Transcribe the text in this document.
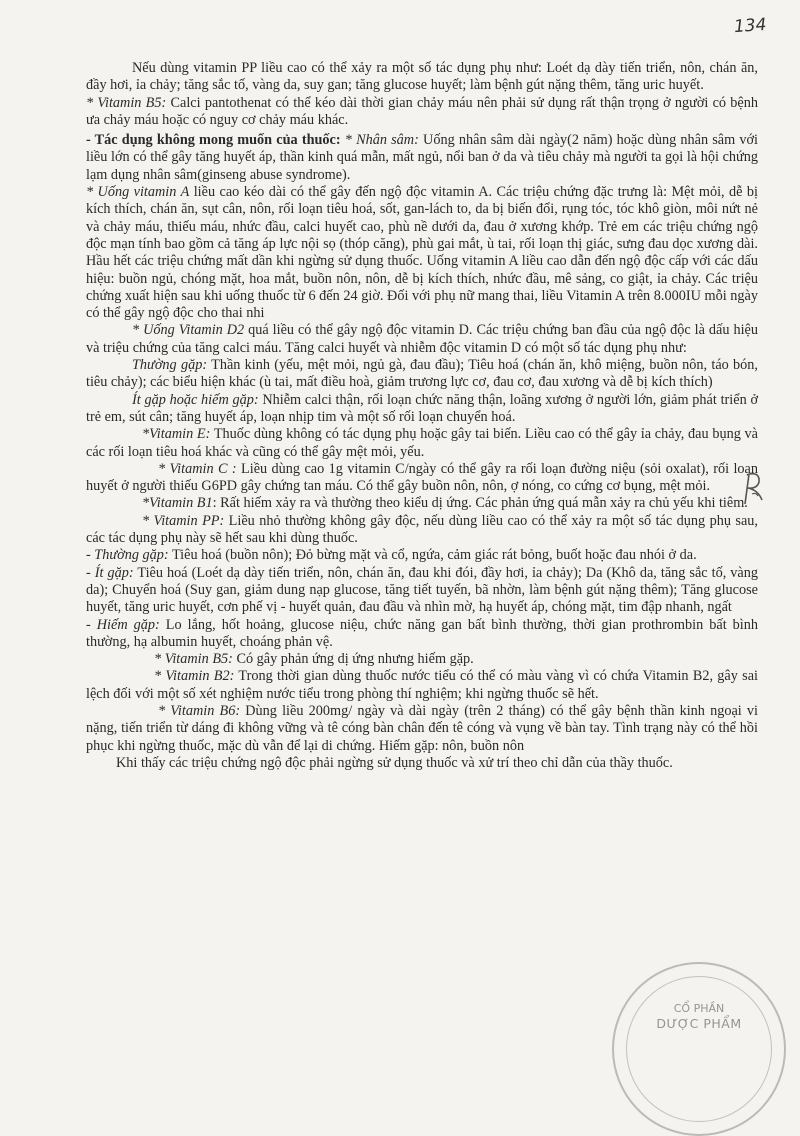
134

Nếu dùng vitamin PP liều cao có thể xảy ra một số tác dụng phụ như: Loét dạ dày tiến triển, nôn, chán ăn, đầy hơi, ỉa chảy; tăng sắc tố, vàng da, suy gan; tăng glucose huyết; làm bệnh gút nặng thêm, tăng uric huyết.

* Vitamin B5: Calci pantothenat có thể kéo dài thời gian chảy máu nên phải sử dụng rất thận trọng ở người có bệnh ưa chảy máu hoặc có nguy cơ chảy máu khác.

- Tác dụng không mong muốn của thuốc: * Nhân sâm: Uống nhân sâm dài ngày(2 năm) hoặc dùng nhân sâm với liều lớn có thể gây tăng huyết áp, thần kinh quá mẫn, mất ngủ, nổi ban ở da và tiêu chảy mà người ta gọi là hội chứng lạm dụng nhân sâm(ginseng abuse syndrome).

* Uống vitamin A liều cao kéo dài có thể gây đến ngộ độc vitamin A. Các triệu chứng đặc trưng là: Mệt mỏi, dễ bị kích thích, chán ăn, sụt cân, nôn, rối loạn tiêu hoá, sốt, gan-lách to, da bị biến đổi, rụng tóc, tóc khô giòn, môi nứt nẻ và chảy máu, thiếu máu, nhức đầu, calci huyết cao, phù nề dưới da, đau ở xương khớp. Trẻ em các triệu chứng ngộ độc mạn tính bao gồm cả tăng áp lực nội sọ (thóp căng), phù gai mắt, ù tai, rối loạn thị giác, sưng đau dọc xương dài. Hầu hết các triệu chứng mất dần khi ngừng sử dụng thuốc. Uống vitamin A liều cao dẫn đến ngộ độc cấp với các dấu hiệu: buồn ngủ, chóng mặt, hoa mắt, buồn nôn, nôn, dễ bị kích thích, nhức đầu, mê sảng, co giật, ỉa chảy. Các triệu chứng xuất hiện sau khi uống thuốc từ 6 đến 24 giờ. Đối với phụ nữ mang thai, liều Vitamin A trên 8.000IU mỗi ngày có thể gây ngộ độc cho thai nhi

* Uống Vitamin D2 quá liều có thể gây ngộ độc vitamin D. Các triệu chứng ban đầu của ngộ độc là dấu hiệu và triệu chứng của tăng calci máu. Tăng calci huyết và nhiễm độc vitamin D có một số tác dụng phụ như:

Thường gặp: Thần kinh (yếu, mệt mỏi, ngủ gà, đau đầu); Tiêu hoá (chán ăn, khô miệng, buồn nôn, táo bón, tiêu chảy); các biểu hiện khác (ù tai, mất điều hoà, giảm trương lực cơ, đau cơ, đau xương và dễ bị kích thích)

Ít gặp hoặc hiếm gặp: Nhiễm calci thận, rối loạn chức năng thận, loãng xương ở người lớn, giảm phát triển ở trẻ em, sút cân; tăng huyết áp, loạn nhịp tim và một số rối loạn chuyển hoá.

*Vitamin E: Thuốc dùng không có tác dụng phụ hoặc gây tai biến. Liều cao có thể gây ỉa chảy, đau bụng và các rối loạn tiêu hoá khác và cũng có thể gây mệt mỏi, yếu.

* Vitamin C : Liều dùng cao 1g vitamin C/ngày có thể gây ra rối loạn đường niệu (sỏi oxalat), rối loạn huyết ở người thiếu G6PD gây chứng tan máu. Có thể gây buồn nôn, nôn, ợ nóng, co cứng cơ bụng, mệt mỏi.

*Vitamin B1: Rất hiếm xảy ra và thường theo kiểu dị ứng. Các phản ứng quá mẫn xảy ra chủ yếu khi tiêm.

* Vitamin PP: Liều nhỏ thường không gây độc, nếu dùng liều cao có thể xảy ra một số tác dụng phụ sau, các tác dụng phụ này sẽ hết sau khi dùng thuốc.

- Thường gặp: Tiêu hoá (buồn nôn); Đỏ bừng mặt và cổ, ngứa, cảm giác rát bỏng, buốt hoặc đau nhói ở da.

- Ít gặp: Tiêu hoá (Loét dạ dày tiến triển, nôn, chán ăn, đau khi đói, đầy hơi, ỉa chảy); Da (Khô da, tăng sắc tố, vàng da); Chuyển hoá (Suy gan, giảm dung nạp glucose, tăng tiết tuyến, bã nhờn, làm bệnh gút nặng thêm); Tăng glucose huyết, tăng uric huyết, cơn phế vị - huyết quản, đau đầu và nhìn mờ, hạ huyết áp, chóng mặt, tim đập nhanh, ngất

- Hiếm gặp: Lo lắng, hốt hoảng, glucose niệu, chức năng gan bất bình thường, thời gian prothrombin bất bình thường, hạ albumin huyết, choáng phản vệ.

* Vitamin B5: Có gây phản ứng dị ứng nhưng hiếm gặp.

* Vitamin B2: Trong thời gian dùng thuốc nước tiểu có thể có màu vàng vì có chứa Vitamin B2, gây sai lệch đối với một số xét nghiệm nước tiểu trong phòng thí nghiệm; khi ngừng thuốc sẽ hết.

* Vitamin B6: Dùng liều 200mg/ ngày và dài ngày (trên 2 tháng) có thể gây bệnh thần kinh ngoại vi nặng, tiến triển từ dáng đi không vững và tê cóng bàn chân đến tê cóng và vụng về bàn tay. Tình trạng này có thể hồi phục khi ngừng thuốc, mặc dù vẫn để lại di chứng. Hiếm gặp: nôn, buồn nôn

Khi thấy các triệu chứng ngộ độc phải ngừng sử dụng thuốc và xử trí theo chỉ dẫn của thầy thuốc.

CỔ PHẦN
DƯỢC PHẨM
